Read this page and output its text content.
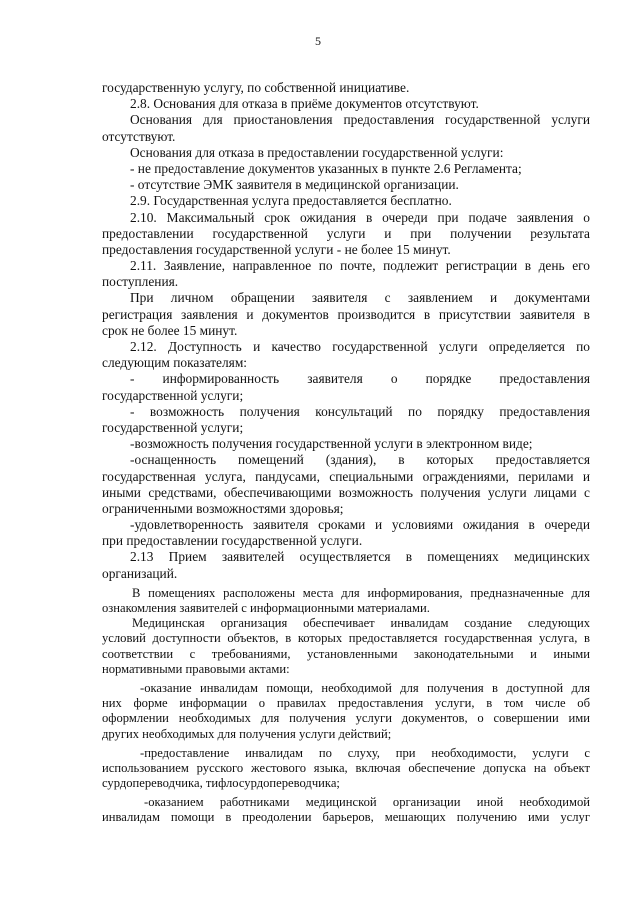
5
государственную услугу, по собственной инициативе.
2.8. Основания для отказа в приёме документов отсутствуют.
Основания для приостановления предоставления государственной услуги
отсутствуют.
Основания для отказа в предоставлении государственной услуги:
- не предоставление документов указанных в пункте 2.6 Регламента;
- отсутствие ЭМК заявителя в медицинской организации.
2.9. Государственная услуга предоставляется бесплатно.
2.10. Максимальный срок ожидания в очереди при подаче заявления о
предоставлении государственной услуги и при получении результата
предоставления государственной услуги - не более 15 минут.
2.11. Заявление, направленное по почте, подлежит регистрации в день его
поступления.
При личном обращении заявителя с заявлением и документами
регистрация заявления и документов производится в присутствии заявителя в
срок не более 15 минут.
2.12. Доступность и качество государственной услуги определяется по
следующим показателям:
- информированность заявителя о порядке предоставления
государственной услуги;
- возможность получения консультаций по порядку предоставления
государственной услуги;
-возможность получения государственной услуги в электронном виде;
-оснащенность помещений (здания), в которых предоставляется
государственная услуга, пандусами, специальными ограждениями, перилами и
иными средствами, обеспечивающими возможность получения услуги лицами с
ограниченными возможностями здоровья;
-удовлетворенность заявителя сроками и условиями ожидания в очереди
при предоставлении государственной услуги.
2.13 Прием заявителей осуществляется в помещениях медицинских
организаций.
В помещениях расположены места для информирования, предназначенные для
ознакомления заявителей с информационными материалами.
Медицинская организация обеспечивает инвалидам создание следующих
условий доступности объектов, в которых предоставляется государственная услуга, в
соответствии с требованиями, установленными законодательными и иными
нормативными правовыми актами:
-оказание инвалидам помощи, необходимой для получения в доступной для
них форме информации о правилах предоставления услуги, в том числе об
оформлении необходимых для получения услуги документов, о совершении ими
других необходимых для получения услуги действий;
-предоставление инвалидам по слуху, при необходимости, услуги с
использованием русского жестового языка, включая обеспечение допуска на объект
сурдопереводчика, тифлосурдопереводчика;
-оказанием работниками медицинской организации иной необходимой
инвалидам помощи в преодолении барьеров, мешающих получению ими услуг
